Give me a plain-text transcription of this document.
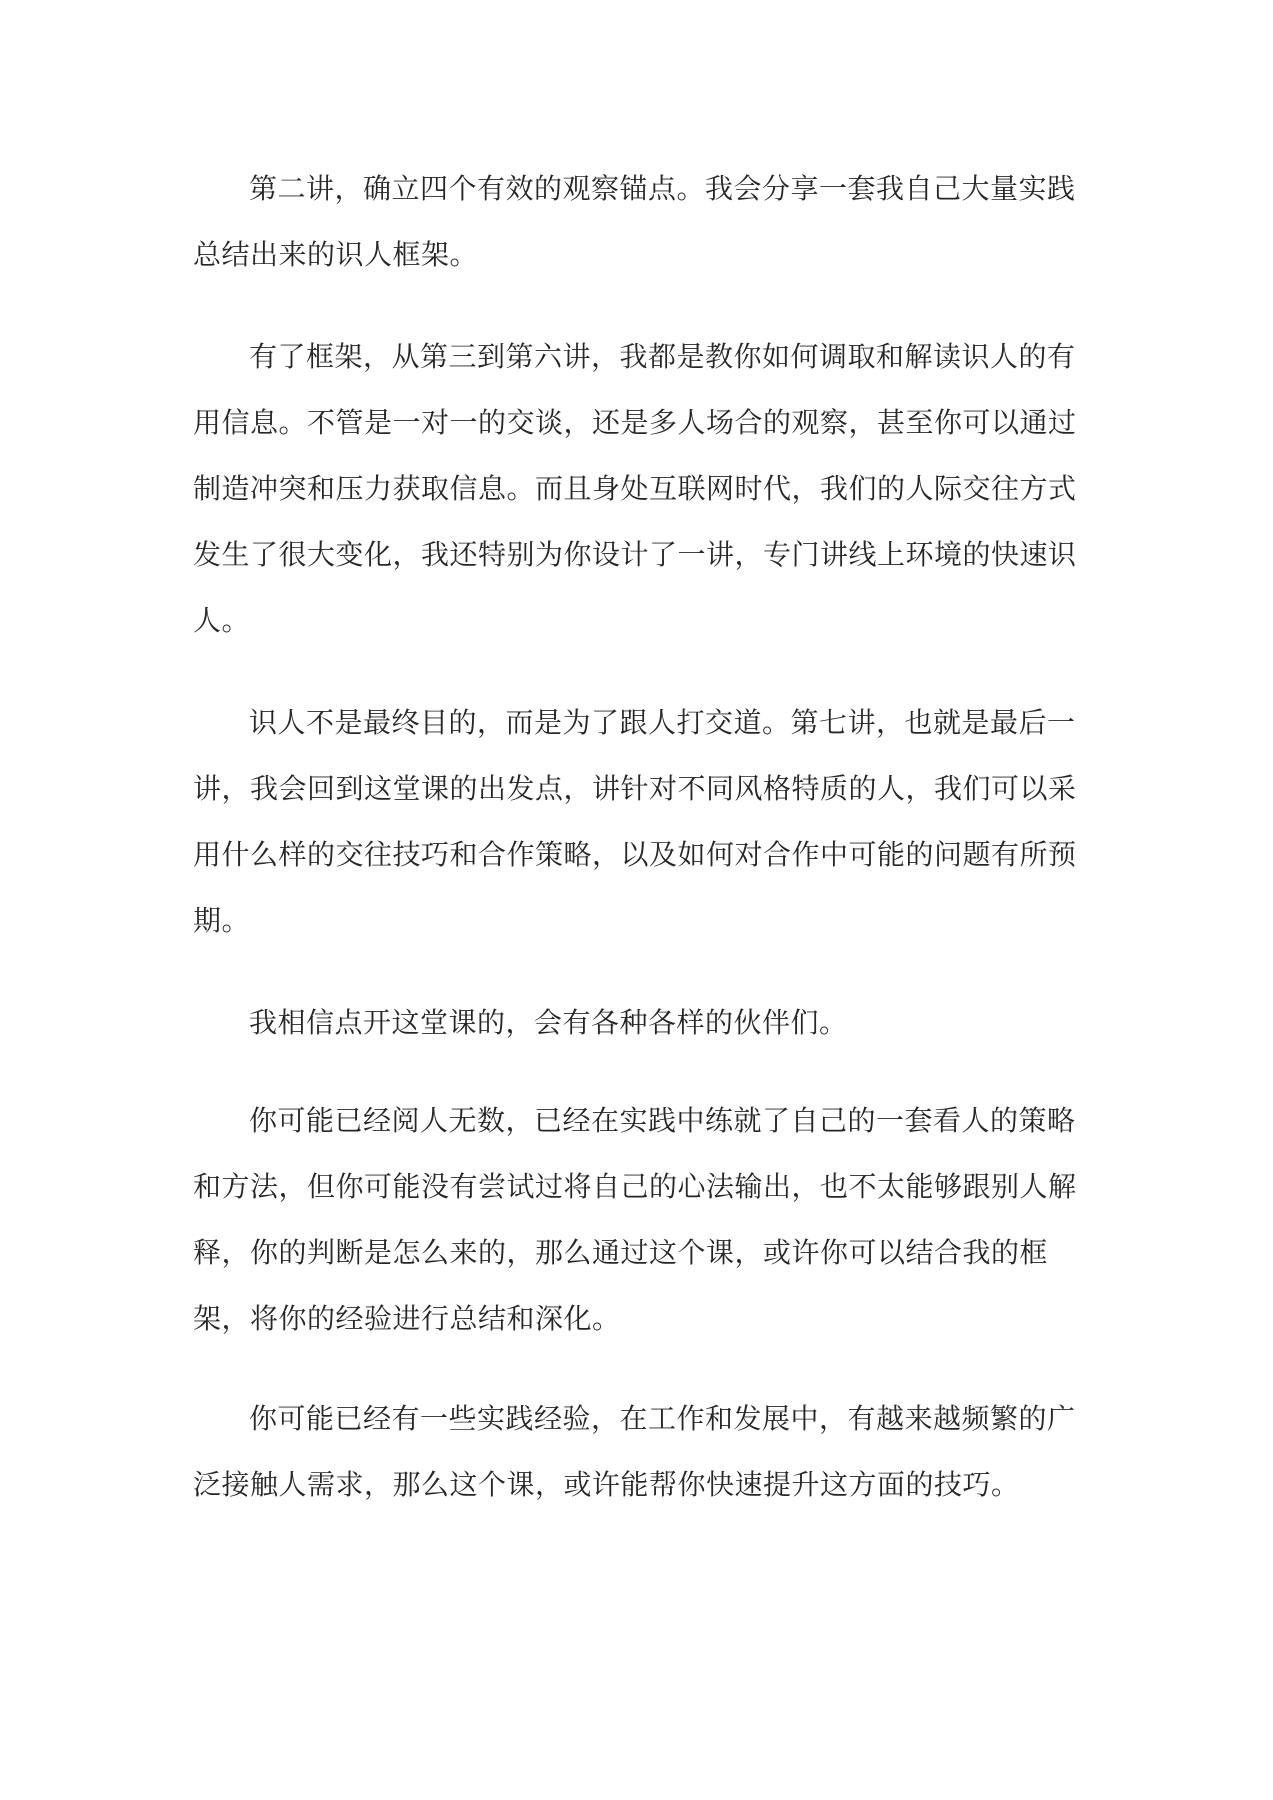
第二讲，确立四个有效的观察锚点。我会分享一套我自己大量实践
总结出来的识人框架。
有了框架，从第三到第六讲，我都是教你如何调取和解读识人的有
用信息。不管是一对一的交谈，还是多人场合的观察，甚至你可以通过
制造冲突和压力获取信息。而且身处互联网时代，我们的人际交往方式
发生了很大变化，我还特别为你设计了一讲，专门讲线上环境的快速识
人。
识人不是最终目的，而是为了跟人打交道。第七讲，也就是最后一
讲，我会回到这堂课的出发点，讲针对不同风格特质的人，我们可以采
用什么样的交往技巧和合作策略，以及如何对合作中可能的问题有所预
期。
我相信点开这堂课的，会有各种各样的伙伴们。
你可能已经阅人无数，已经在实践中练就了自己的一套看人的策略
和方法，但你可能没有尝试过将自己的心法输出，也不太能够跟别人解
释，你的判断是怎么来的，那么通过这个课，或许你可以结合我的框
架，将你的经验进行总结和深化。
你可能已经有一些实践经验，在工作和发展中，有越来越频繁的广
泛接触人需求，那么这个课，或许能帮你快速提升这方面的技巧。
